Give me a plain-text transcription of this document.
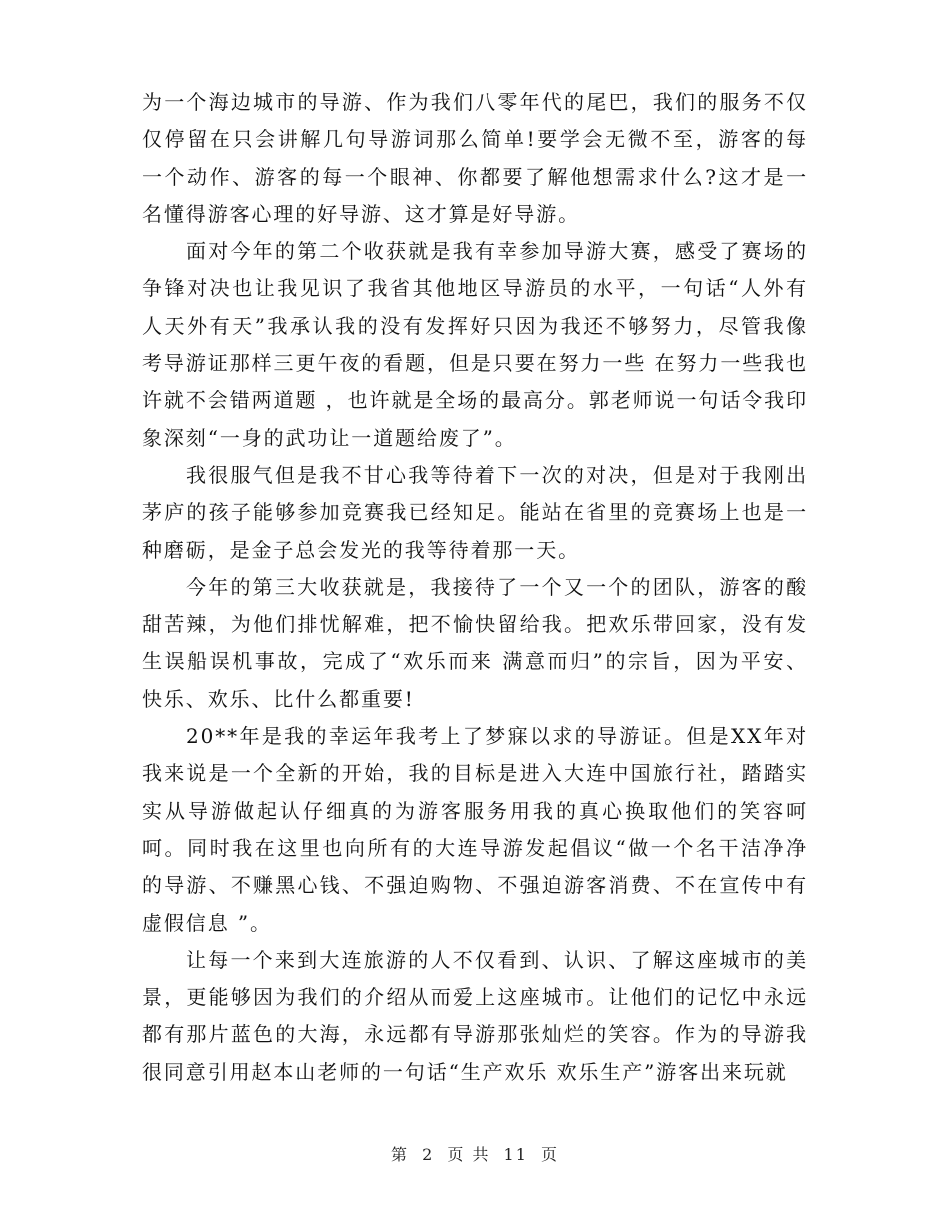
为一个海边城市的导游、作为我们八零年代的尾巴，我们的服务不仅仅停留在只会讲解几句导游词那么简单!要学会无微不至，游客的每一个动作、游客的每一个眼神、你都要了解他想需求什么?这才是一名懂得游客心理的好导游、这才算是好导游。

面对今年的第二个收获就是我有幸参加导游大赛，感受了赛场的争锋对决也让我见识了我省其他地区导游员的水平，一句话“人外有人天外有天”我承认我的没有发挥好只因为我还不够努力，尽管我像考导游证那样三更午夜的看题，但是只要在努力一些 在努力一些我也许就不会错两道题 ，也许就是全场的最高分。郭老师说一句话令我印象深刻“一身的武功让一道题给废了”。

我很服气但是我不甘心我等待着下一次的对决，但是对于我刚出茅庐的孩子能够参加竞赛我已经知足。能站在省里的竞赛场上也是一种磨砺，是金子总会发光的我等待着那一天。

今年的第三大收获就是，我接待了一个又一个的团队，游客的酸甜苦辣，为他们排忧解难，把不愉快留给我。把欢乐带回家，没有发生误船误机事故，完成了“欢乐而来 满意而归”的宗旨，因为平安、快乐、欢乐、比什么都重要!

20**年是我的幸运年我考上了梦寐以求的导游证。但是XX年对我来说是一个全新的开始，我的目标是进入大连中国旅行社，踏踏实实从导游做起认仔细真的为游客服务用我的真心换取他们的笑容呵呵。同时我在这里也向所有的大连导游发起倡议“做一个名干洁净净的导游、不赚黑心钱、不强迫购物、不强迫游客消费、不在宣传中有虚假信息 ”。

让每一个来到大连旅游的人不仅看到、认识、了解这座城市的美景，更能够因为我们的介绍从而爱上这座城市。让他们的记忆中永远都有那片蓝色的大海，永远都有导游那张灿烂的笑容。作为的导游我很同意引用赵本山老师的一句话“生产欢乐 欢乐生产”游客出来玩就

第 2 页 共 11 页
